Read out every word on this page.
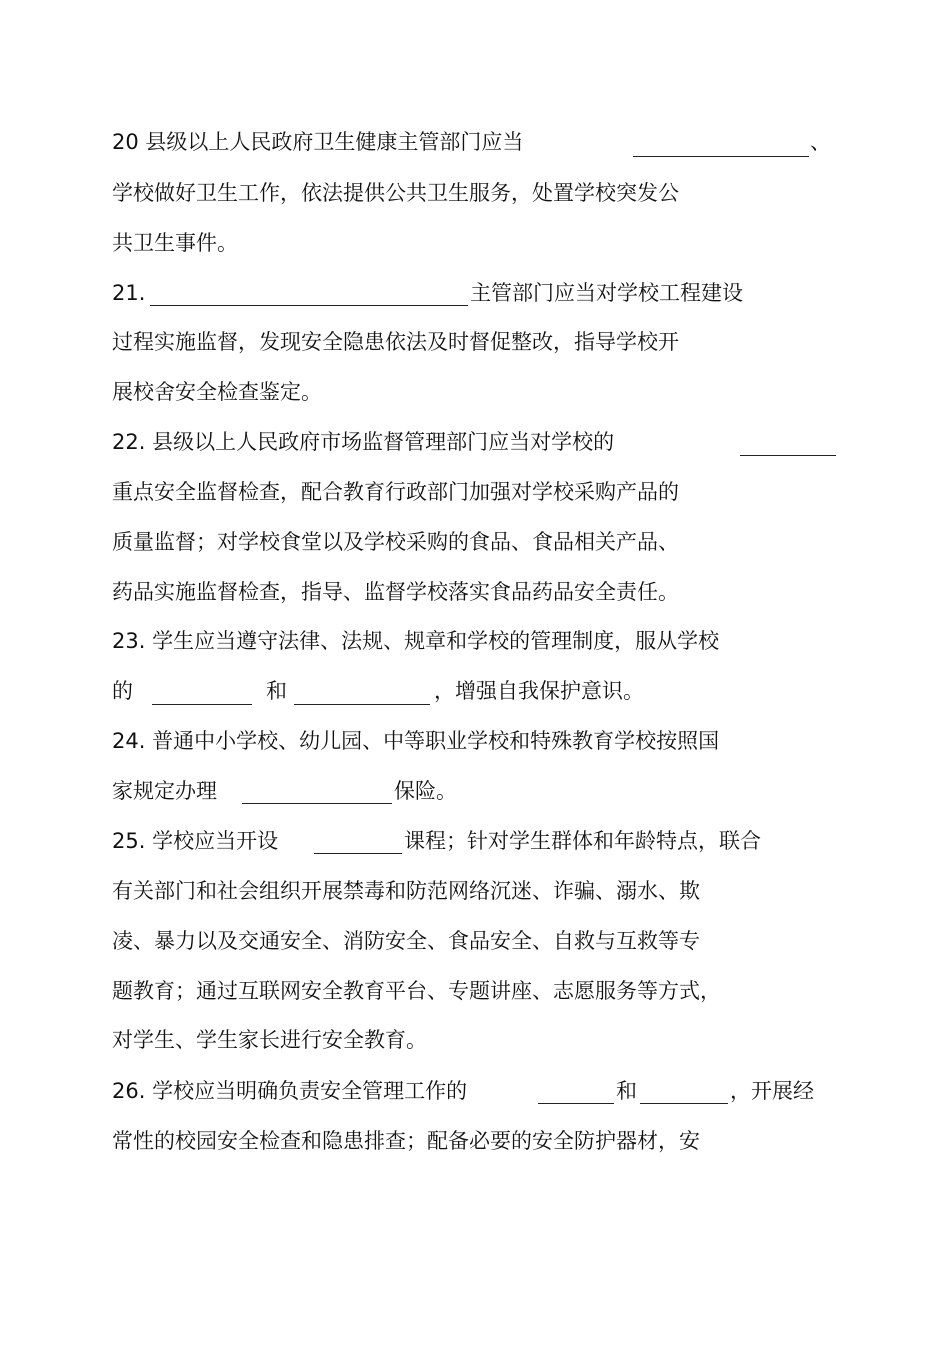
20 县级以上人民政府卫生健康主管部门应当	、
学校做好卫生工作，依法提供公共卫生服务，处置学校突发公
共卫生事件。
21.	主管部门应当对学校工程建设
过程实施监督，发现安全隐患依法及时督促整改，指导学校开
展校舍安全检查鉴定。
22. 县级以上人民政府市场监督管理部门应当对学校的
重点安全监督检查，配合教育行政部门加强对学校采购产品的
质量监督；对学校食堂以及学校采购的食品、食品相关产品、
药品实施监督检查，指导、监督学校落实食品药品安全责任。
23. 学生应当遵守法律、法规、规章和学校的管理制度，服从学校
的	和	，增强自我保护意识。
24. 普通中小学校、幼儿园、中等职业学校和特殊教育学校按照国
家规定办理	保险。
25. 学校应当开设	课程；针对学生群体和年龄特点，联合
有关部门和社会组织开展禁毒和防范网络沉迷、诈骗、溺水、欺
凌、暴力以及交通安全、消防安全、食品安全、自救与互救等专
题教育；通过互联网安全教育平台、专题讲座、志愿服务等方式，
对学生、学生家长进行安全教育。
26. 学校应当明确负责安全管理工作的	和	，开展经
常性的校园安全检查和隐患排查；配备必要的安全防护器材，安
